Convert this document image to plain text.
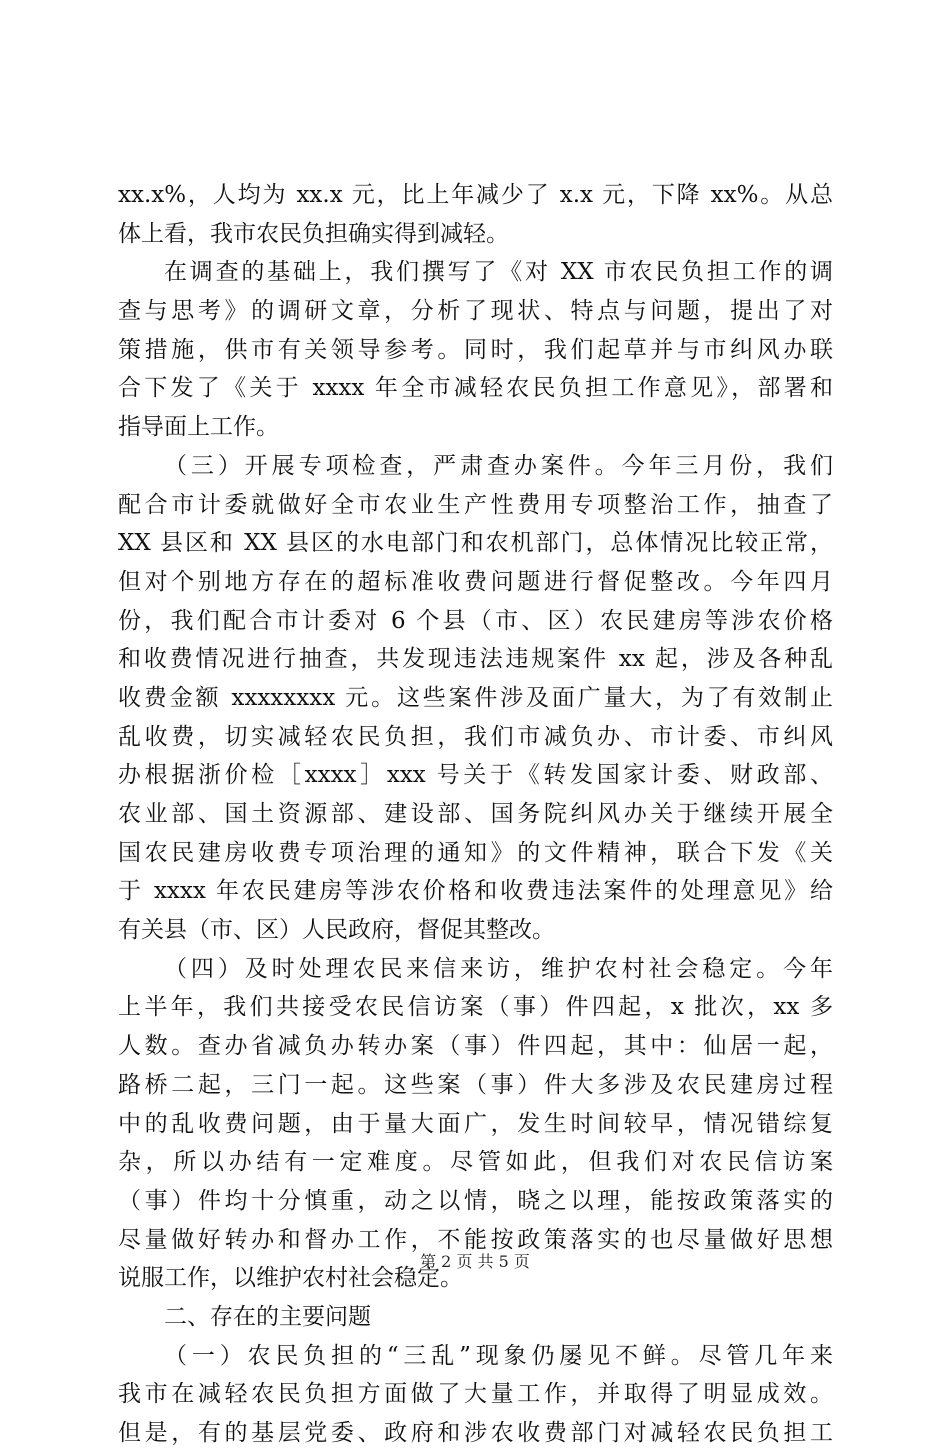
xx.x%，人均为 xx.x 元，比上年减少了 x.x 元，下降 xx%。从总
体上看，我市农民负担确实得到减轻。
在调查的基础上，我们撰写了《对 XX 市农民负担工作的调
查与思考》的调研文章，分析了现状、特点与问题，提出了对
策措施，供市有关领导参考。同时，我们起草并与市纠风办联
合下发了《关于 xxxx 年全市减轻农民负担工作意见》，部署和
指导面上工作。
（三）开展专项检查，严肃查办案件。今年三月份，我们
配合市计委就做好全市农业生产性费用专项整治工作，抽查了
XX 县区和 XX 县区的水电部门和农机部门，总体情况比较正常，
但对个别地方存在的超标准收费问题进行督促整改。今年四月
份，我们配合市计委对 6 个县（市、区）农民建房等涉农价格
和收费情况进行抽查，共发现违法违规案件 xx 起，涉及各种乱
收费金额 xxxxxxxx 元。这些案件涉及面广量大，为了有效制止
乱收费，切实减轻农民负担，我们市减负办、市计委、市纠风
办根据浙价检［xxxx］xxx 号关于《转发国家计委、财政部、
农业部、国土资源部、建设部、国务院纠风办关于继续开展全
国农民建房收费专项治理的通知》的文件精神，联合下发《关
于 xxxx 年农民建房等涉农价格和收费违法案件的处理意见》给
有关县（市、区）人民政府，督促其整改。
（四）及时处理农民来信来访，维护农村社会稳定。今年
上半年，我们共接受农民信访案（事）件四起，x 批次，xx 多
人数。查办省减负办转办案（事）件四起，其中：仙居一起，
路桥二起，三门一起。这些案（事）件大多涉及农民建房过程
中的乱收费问题，由于量大面广，发生时间较早，情况错综复
杂，所以办结有一定难度。尽管如此，但我们对农民信访案
（事）件均十分慎重，动之以情，晓之以理，能按政策落实的
尽量做好转办和督办工作，不能按政策落实的也尽量做好思想
说服工作，以维护农村社会稳定。
二、存在的主要问题
（一）农民负担的“三乱”现象仍屡见不鲜。尽管几年来
我市在减轻农民负担方面做了大量工作，并取得了明显成效。
但是，有的基层党委、政府和涉农收费部门对减轻农民负担工
第 2 页 共 5 页
